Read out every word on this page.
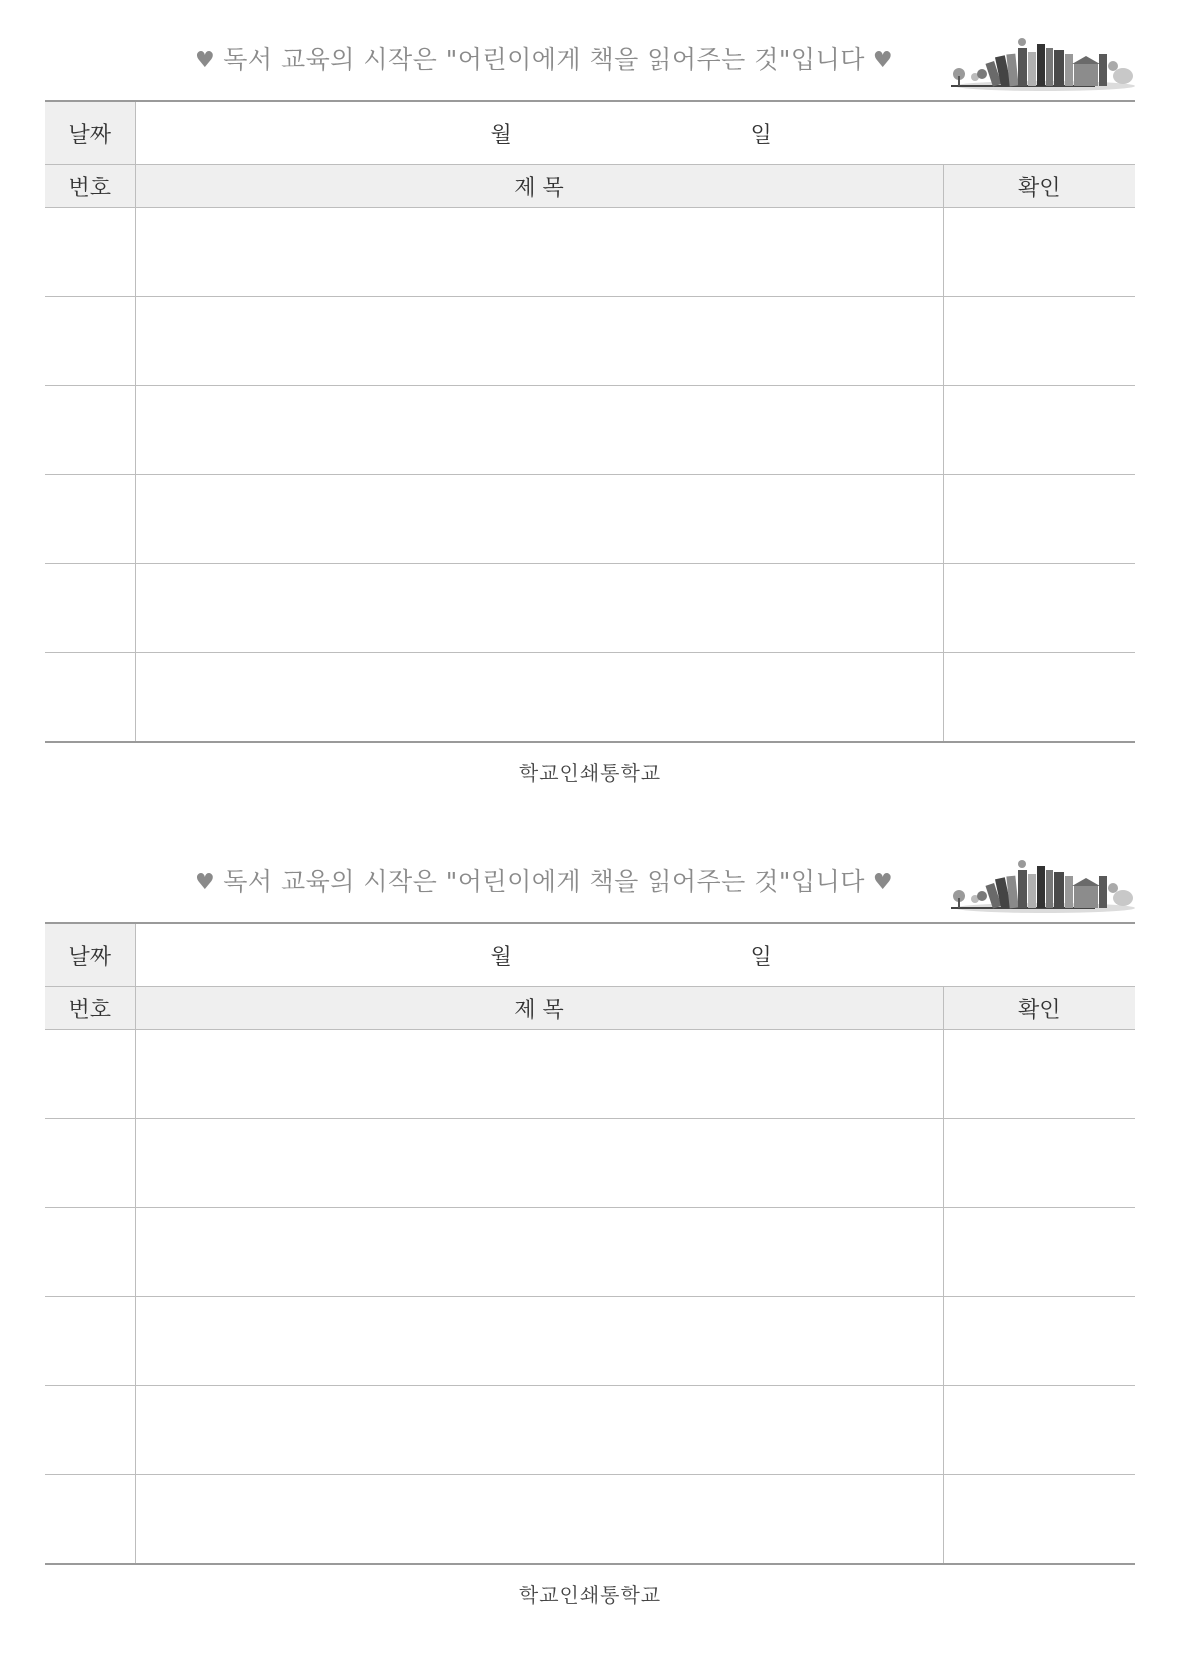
♥ 독서 교육의 시작은 "어린이에게 책을 읽어주는 것"입니다 ♥
날짜	월 일	

번호	제 목	확인

학교인쇄통학교
♥ 독서 교육의 시작은 "어린이에게 책을 읽어주는 것"입니다 ♥
날짜	월 일	

번호	제 목	확인

학교인쇄통학교
